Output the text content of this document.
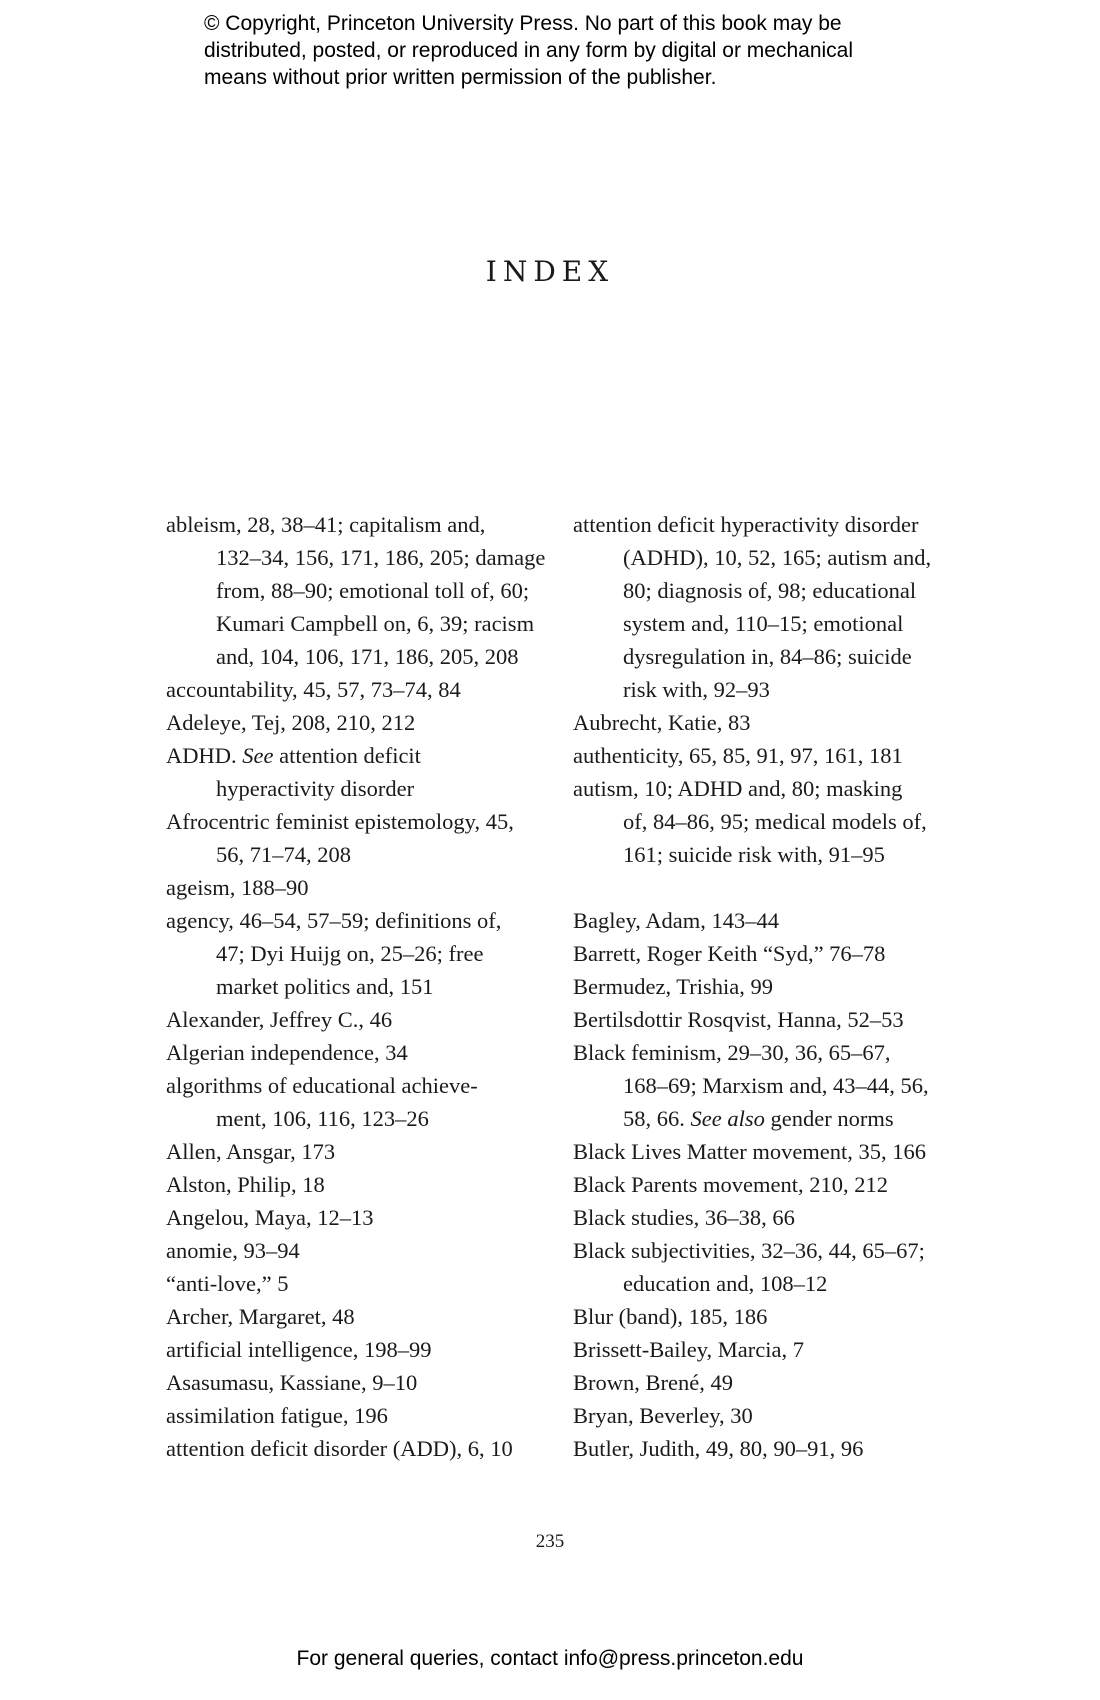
© Copyright, Princeton University Press. No part of this book may be
distributed, posted, or reproduced in any form by digital or mechanical
means without prior written permission of the publisher.
INDEX
ableism, 28, 38–41; capitalism and,
132–34, 156, 171, 186, 205; damage
from, 88–90; emotional toll of, 60;
Kumari Campbell on, 6, 39; racism
and, 104, 106, 171, 186, 205, 208
accountability, 45, 57, 73–74, 84
Adeleye, Tej, 208, 210, 212
ADHD. See attention deficit
hyperactivity disorder
Afrocentric feminist epistemology, 45,
56, 71–74, 208
ageism, 188–90
agency, 46–54, 57–59; definitions of,
47; Dyi Huijg on, 25–26; free
market politics and, 151
Alexander, Jeffrey C., 46
Algerian independence, 34
algorithms of educational achieve-
ment, 106, 116, 123–26
Allen, Ansgar, 173
Alston, Philip, 18
Angelou, Maya, 12–13
anomie, 93–94
“anti-love,” 5
Archer, Margaret, 48
artificial intelligence, 198–99
Asasumasu, Kassiane, 9–10
assimilation fatigue, 196
attention deficit disorder (ADD), 6, 10
attention deficit hyperactivity disorder
(ADHD), 10, 52, 165; autism and,
80; diagnosis of, 98; educational
system and, 110–15; emotional
dysregulation in, 84–86; suicide
risk with, 92–93
Aubrecht, Katie, 83
authenticity, 65, 85, 91, 97, 161, 181
autism, 10; ADHD and, 80; masking
of, 84–86, 95; medical models of,
161; suicide risk with, 91–95
Bagley, Adam, 143–44
Barrett, Roger Keith “Syd,” 76–78
Bermudez, Trishia, 99
Bertilsdottir Rosqvist, Hanna, 52–53
Black feminism, 29–30, 36, 65–67,
168–69; Marxism and, 43–44, 56,
58, 66. See also gender norms
Black Lives Matter movement, 35, 166
Black Parents movement, 210, 212
Black studies, 36–38, 66
Black subjectivities, 32–36, 44, 65–67;
education and, 108–12
Blur (band), 185, 186
Brissett-Bailey, Marcia, 7
Brown, Brené, 49
Bryan, Beverley, 30
Butler, Judith, 49, 80, 90–91, 96
235
For general queries, contact info@press.princeton.edu
